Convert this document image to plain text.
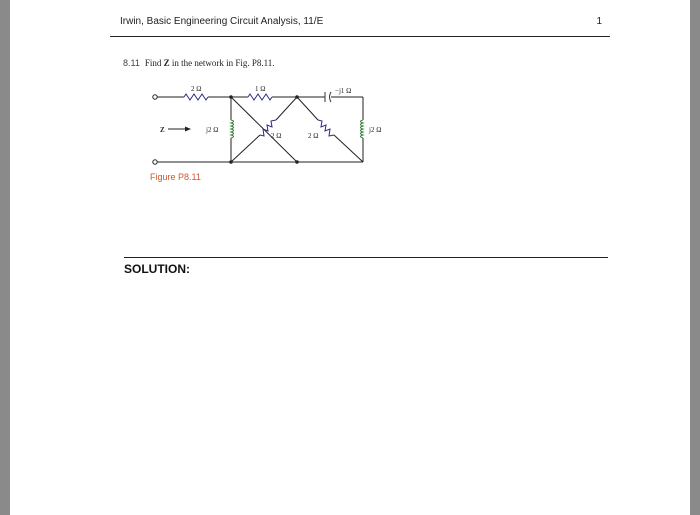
Irwin, Basic Engineering Circuit Analysis, 11/E	1
8.11 Find Z in the network in Fig. P8.11.
Z
2 Ω	1 Ω	−j1 Ω
j2 Ω
2 Ω	2 Ω
j2 Ω
Figure P8.11
SOLUTION:
